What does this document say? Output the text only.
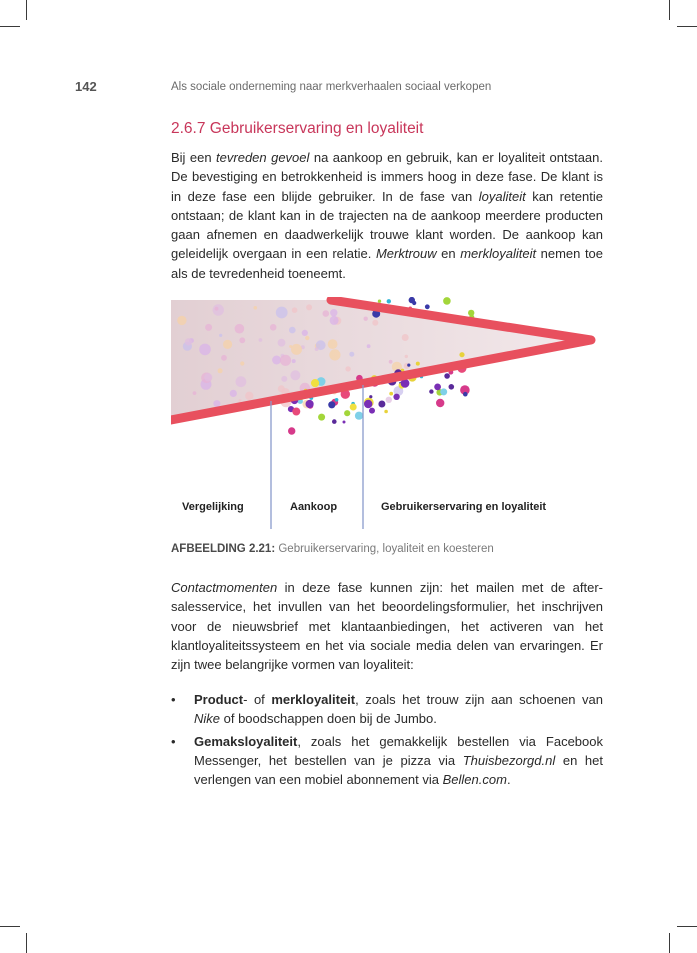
142	Als sociale onderneming naar merkverhaalen sociaal verkopen
2.6.7 Gebruikerservaring en loyaliteit

Bij een tevreden gevoel na aankoop en gebruik, kan er loyaliteit ontstaan. De bevestiging en betrokkenheid is immers hoog in deze fase. De klant is in deze fase een blijde gebruiker. In de fase van loyaliteit kan retentie ontstaan; de klant kan in de trajecten na de aankoop meerdere producten gaan afnemen en daadwerkelijk trouwe klant worden. De aankoop kan geleidelijk overgaan in een relatie. Merktrouw en merkloyaliteit nemen toe als de tevredenheid toeneemt.

Vergelijking	Aankoop	Gebruikerservaring en loyaliteit
AFBEELDING 2.21: Gebruikerservaring, loyaliteit en koesteren

Contactmomenten in deze fase kunnen zijn: het mailen met de after-salesservice, het invullen van het beoordelingsformulier, het inschrijven voor de nieuwsbrief met klantaanbiedingen, het activeren van het klantloyaliteitssysteem en het via sociale media delen van ervaringen. Er zijn twee belangrijke vormen van loyaliteit:

• Product- of merkloyaliteit, zoals het trouw zijn aan schoenen van Nike of boodschappen doen bij de Jumbo.
• Gemaksloyaliteit, zoals het gemakkelijk bestellen via Facebook Messenger, het bestellen van je pizza via Thuisbezorgd.nl en het verlengen van een mobiel abonnement via Bellen.com.
